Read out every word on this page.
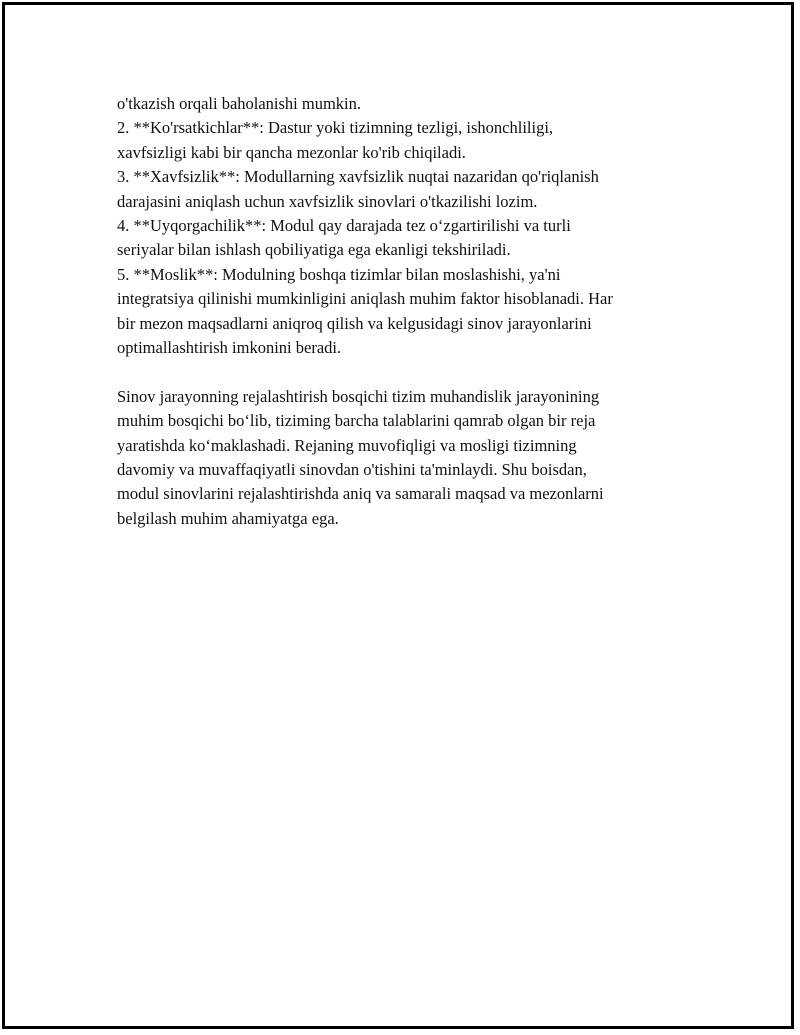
o'tkazish orqali baholanishi mumkin.
2. **Ko'rsatkichlar**: Dastur yoki tizimning tezligi, ishonchliligi,
xavfsizligi kabi bir qancha mezonlar ko'rib chiqiladi.
3. **Xavfsizlik**: Modullarning xavfsizlik nuqtai nazaridan qo'riqlanish
darajasini aniqlash uchun xavfsizlik sinovlari o'tkazilishi lozim.
4. **Uyqorgachilik**: Modul qay darajada tez o‘zgartirilishi va turli
seriyalar bilan ishlash qobiliyatiga ega ekanligi tekshiriladi.
5. **Moslik**: Modulning boshqa tizimlar bilan moslashishi, ya'ni
integratsiya qilinishi mumkinligini aniqlash muhim faktor hisoblanadi. Har
bir mezon maqsadlarni aniqroq qilish va kelgusidagi sinov jarayonlarini
optimallashtirish imkonini beradi.
Sinov jarayonning rejalashtirish bosqichi tizim muhandislik jarayonining
muhim bosqichi bo‘lib, tiziming barcha talablarini qamrab olgan bir reja
yaratishda ko‘maklashadi. Rejaning muvofiqligi va mosligi tizimning
davomiy va muvaffaqiyatli sinovdan o'tishini ta'minlaydi. Shu boisdan,
modul sinovlarini rejalashtirishda aniq va samarali maqsad va mezonlarni
belgilash muhim ahamiyatga ega.
